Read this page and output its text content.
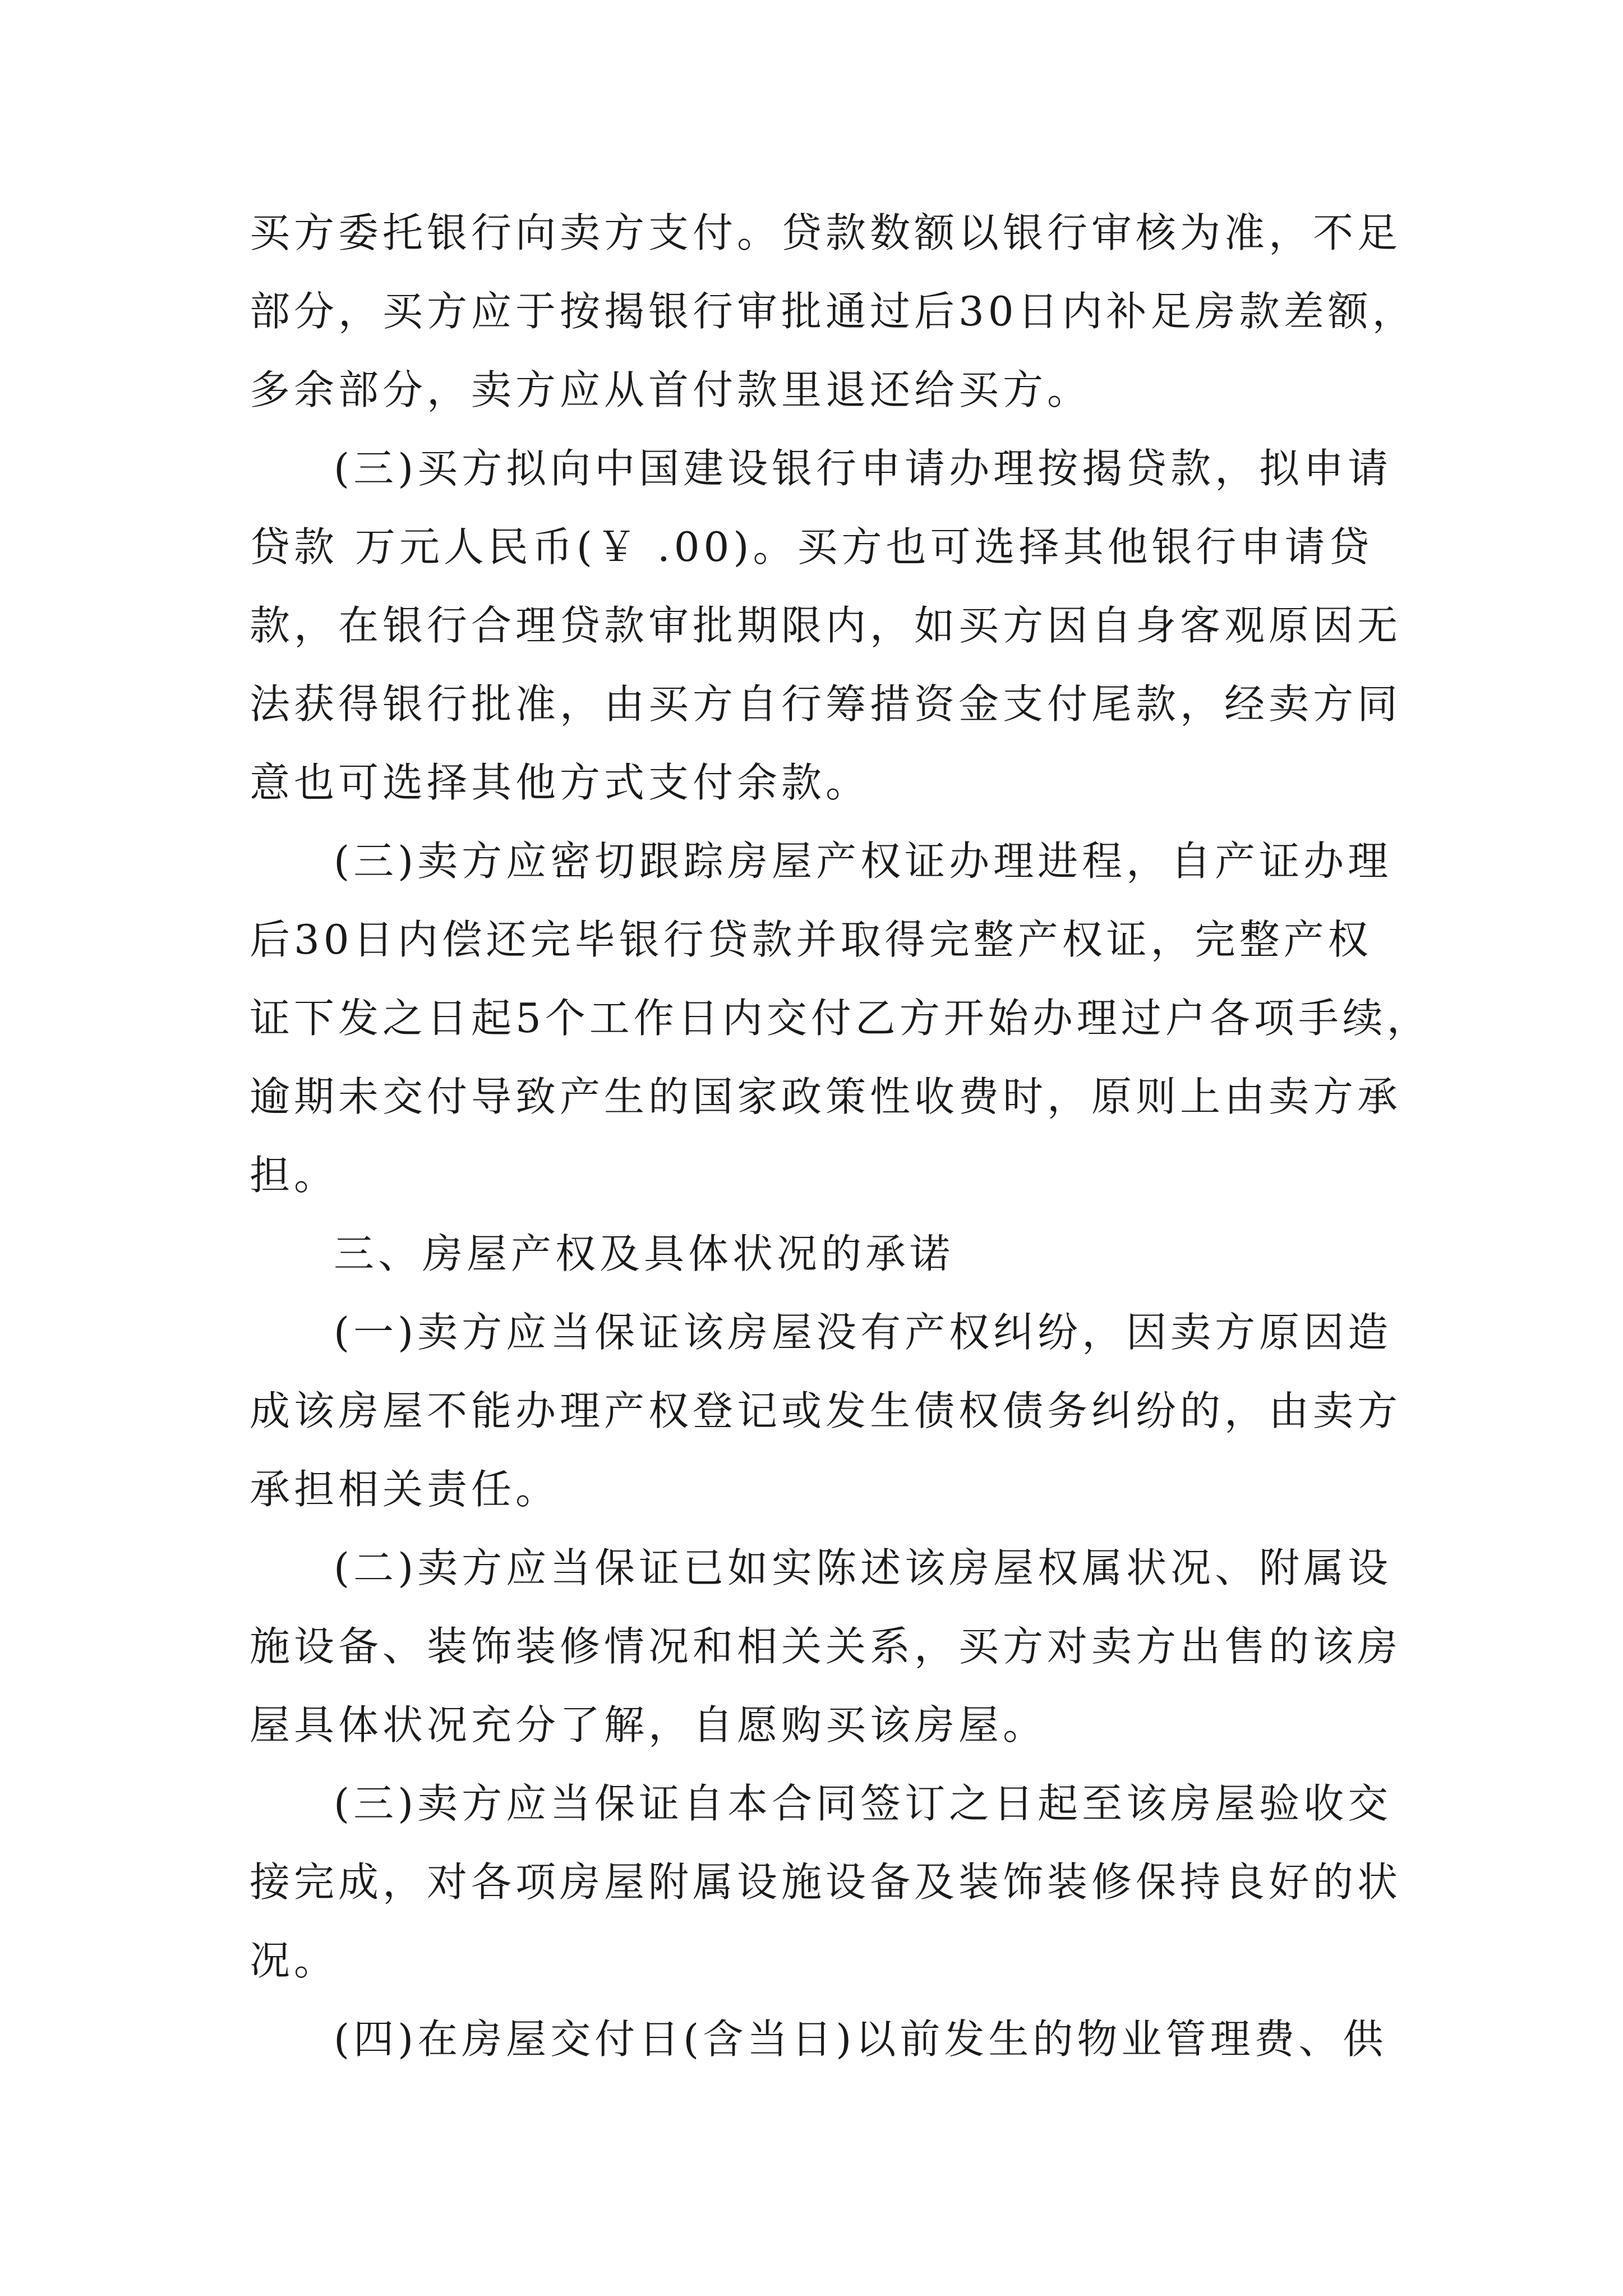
买方委托银行向卖方支付。贷款数额以银行审核为准，不足
部分，买方应于按揭银行审批通过后30日内补足房款差额，
多余部分，卖方应从首付款里退还给买方。
(三)买方拟向中国建设银行申请办理按揭贷款，拟申请
贷款 万元人民币(￥ .00)。买方也可选择其他银行申请贷
款，在银行合理贷款审批期限内，如买方因自身客观原因无
法获得银行批准，由买方自行筹措资金支付尾款，经卖方同
意也可选择其他方式支付余款。
(三)卖方应密切跟踪房屋产权证办理进程，自产证办理
后30日内偿还完毕银行贷款并取得完整产权证，完整产权
证下发之日起5个工作日内交付乙方开始办理过户各项手续，
逾期未交付导致产生的国家政策性收费时，原则上由卖方承
担。
三、房屋产权及具体状况的承诺
(一)卖方应当保证该房屋没有产权纠纷，因卖方原因造
成该房屋不能办理产权登记或发生债权债务纠纷的，由卖方
承担相关责任。
(二)卖方应当保证已如实陈述该房屋权属状况、附属设
施设备、装饰装修情况和相关关系，买方对卖方出售的该房
屋具体状况充分了解，自愿购买该房屋。
(三)卖方应当保证自本合同签订之日起至该房屋验收交
接完成，对各项房屋附属设施设备及装饰装修保持良好的状
况。
(四)在房屋交付日(含当日)以前发生的物业管理费、供
